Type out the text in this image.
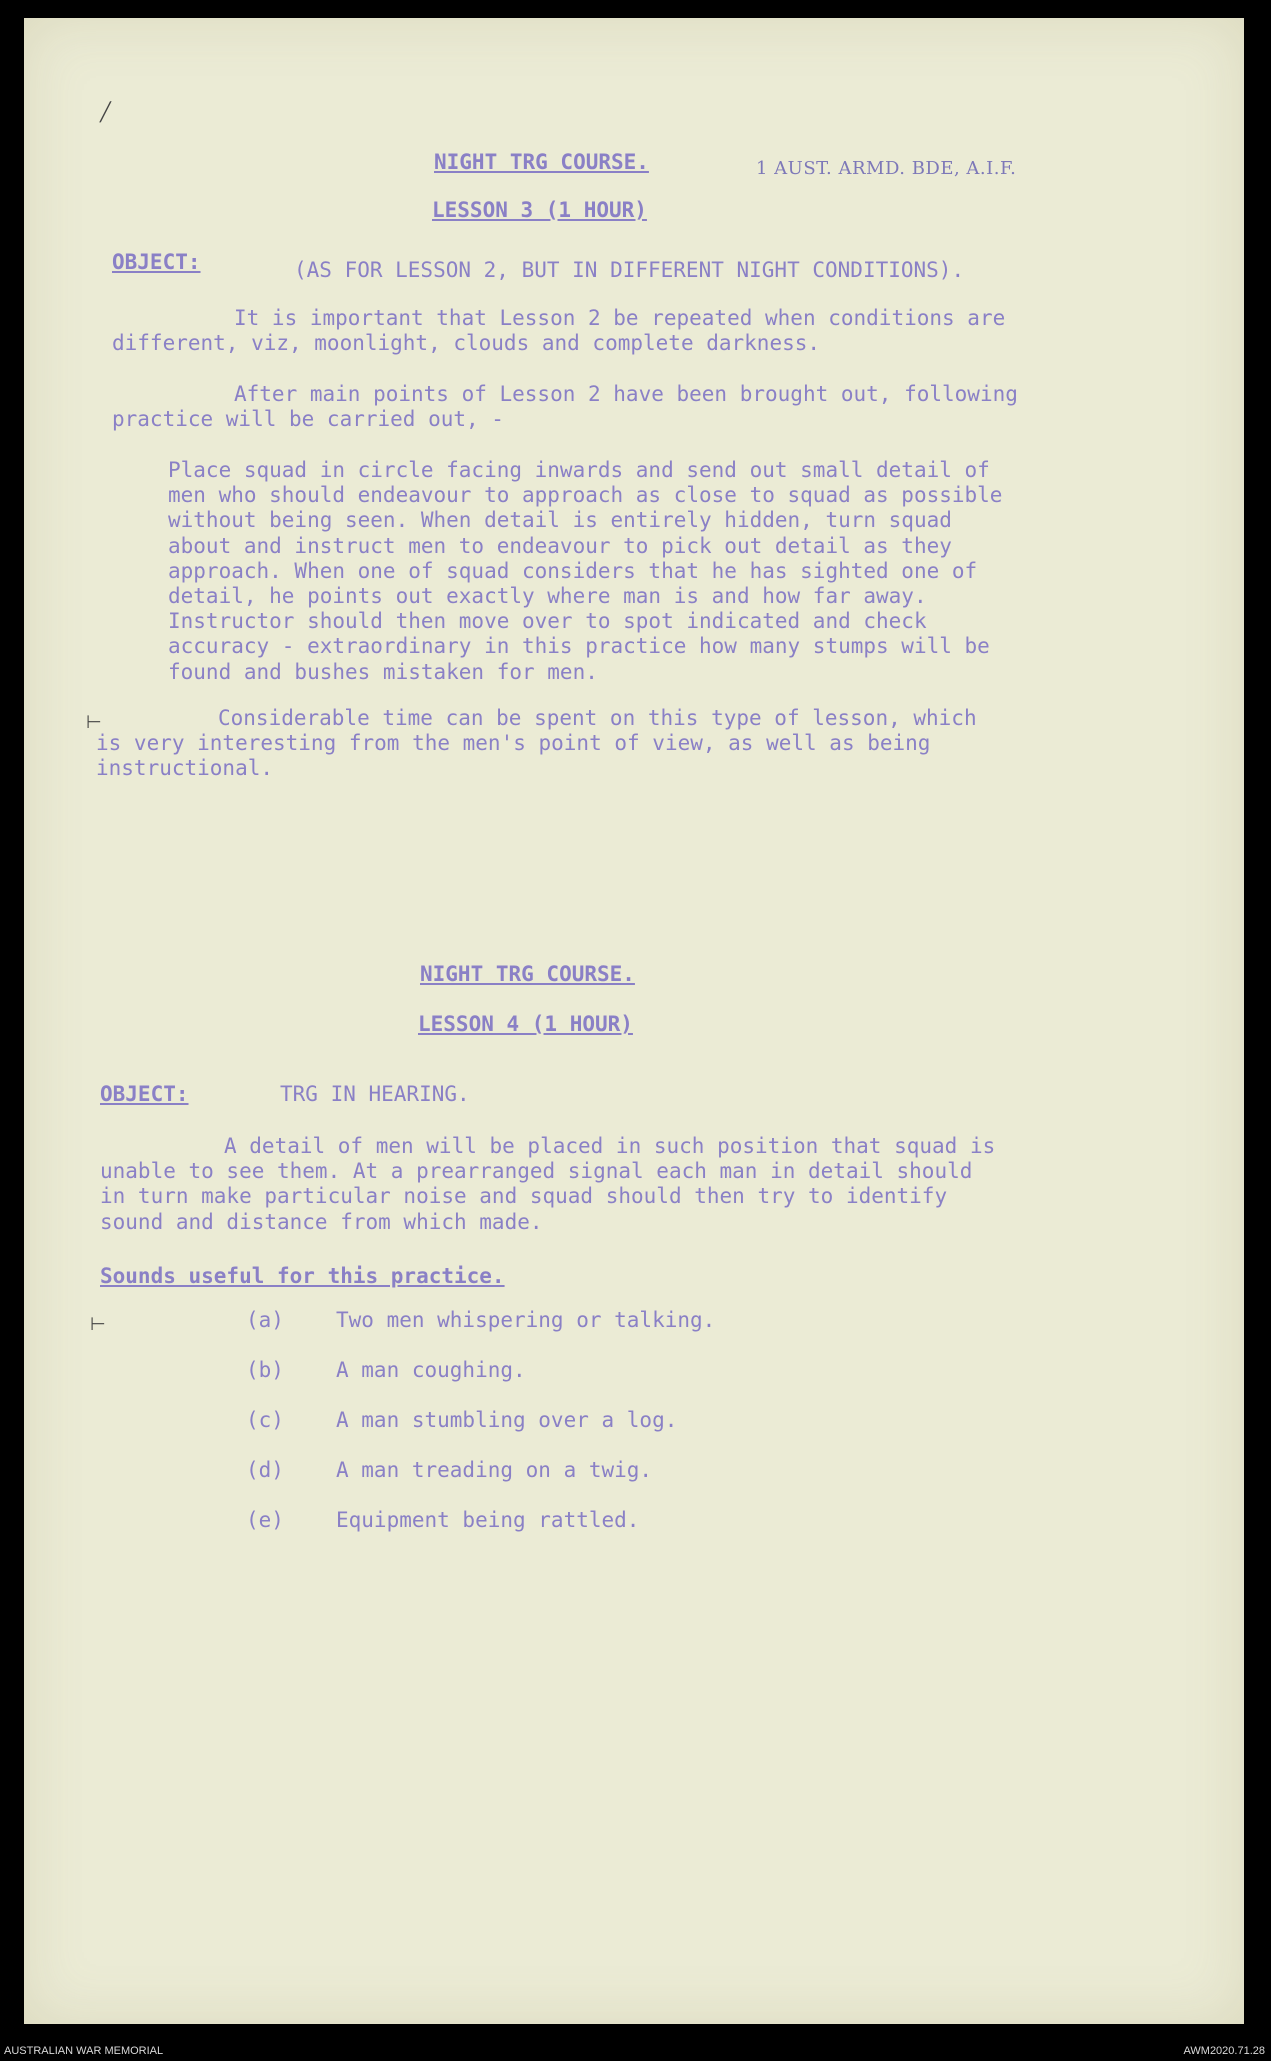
NIGHT TRG COURSE.	1 AUST. ARMD. BDE, A.I.F.
LESSON 3 (1 HOUR)
OBJECT:	(AS FOR LESSON 2, BUT IN DIFFERENT NIGHT CONDITIONS).
It is important that Lesson 2 be repeated when conditions are
different, viz, moonlight, clouds and complete darkness.
After main points of Lesson 2 have been brought out, following
practice will be carried out, -
Place squad in circle facing inwards and send out small detail of
men who should endeavour to approach as close to squad as possible
without being seen. When detail is entirely hidden, turn squad
about and instruct men to endeavour to pick out detail as they
approach. When one of squad considers that he has sighted one of
detail, he points out exactly where man is and how far away.
Instructor should then move over to spot indicated and check
accuracy - extraordinary in this practice how many stumps will be
found and bushes mistaken for men.
Considerable time can be spent on this type of lesson, which
is very interesting from the men's point of view, as well as being
instructional.
NIGHT TRG COURSE.
LESSON 4 (1 HOUR)
OBJECT:	TRG IN HEARING.
A detail of men will be placed in such position that squad is
unable to see them. At a prearranged signal each man in detail should
in turn make particular noise and squad should then try to identify
sound and distance from which made.
Sounds useful for this practice.
(a) Two men whispering or talking.
(b) A man coughing.
(c) A man stumbling over a log.
(d) A man treading on a twig.
(e) Equipment being rattled.
╱
⊢
⊢
AUSTRALIAN WAR MEMORIAL	AWM2020.71.28
